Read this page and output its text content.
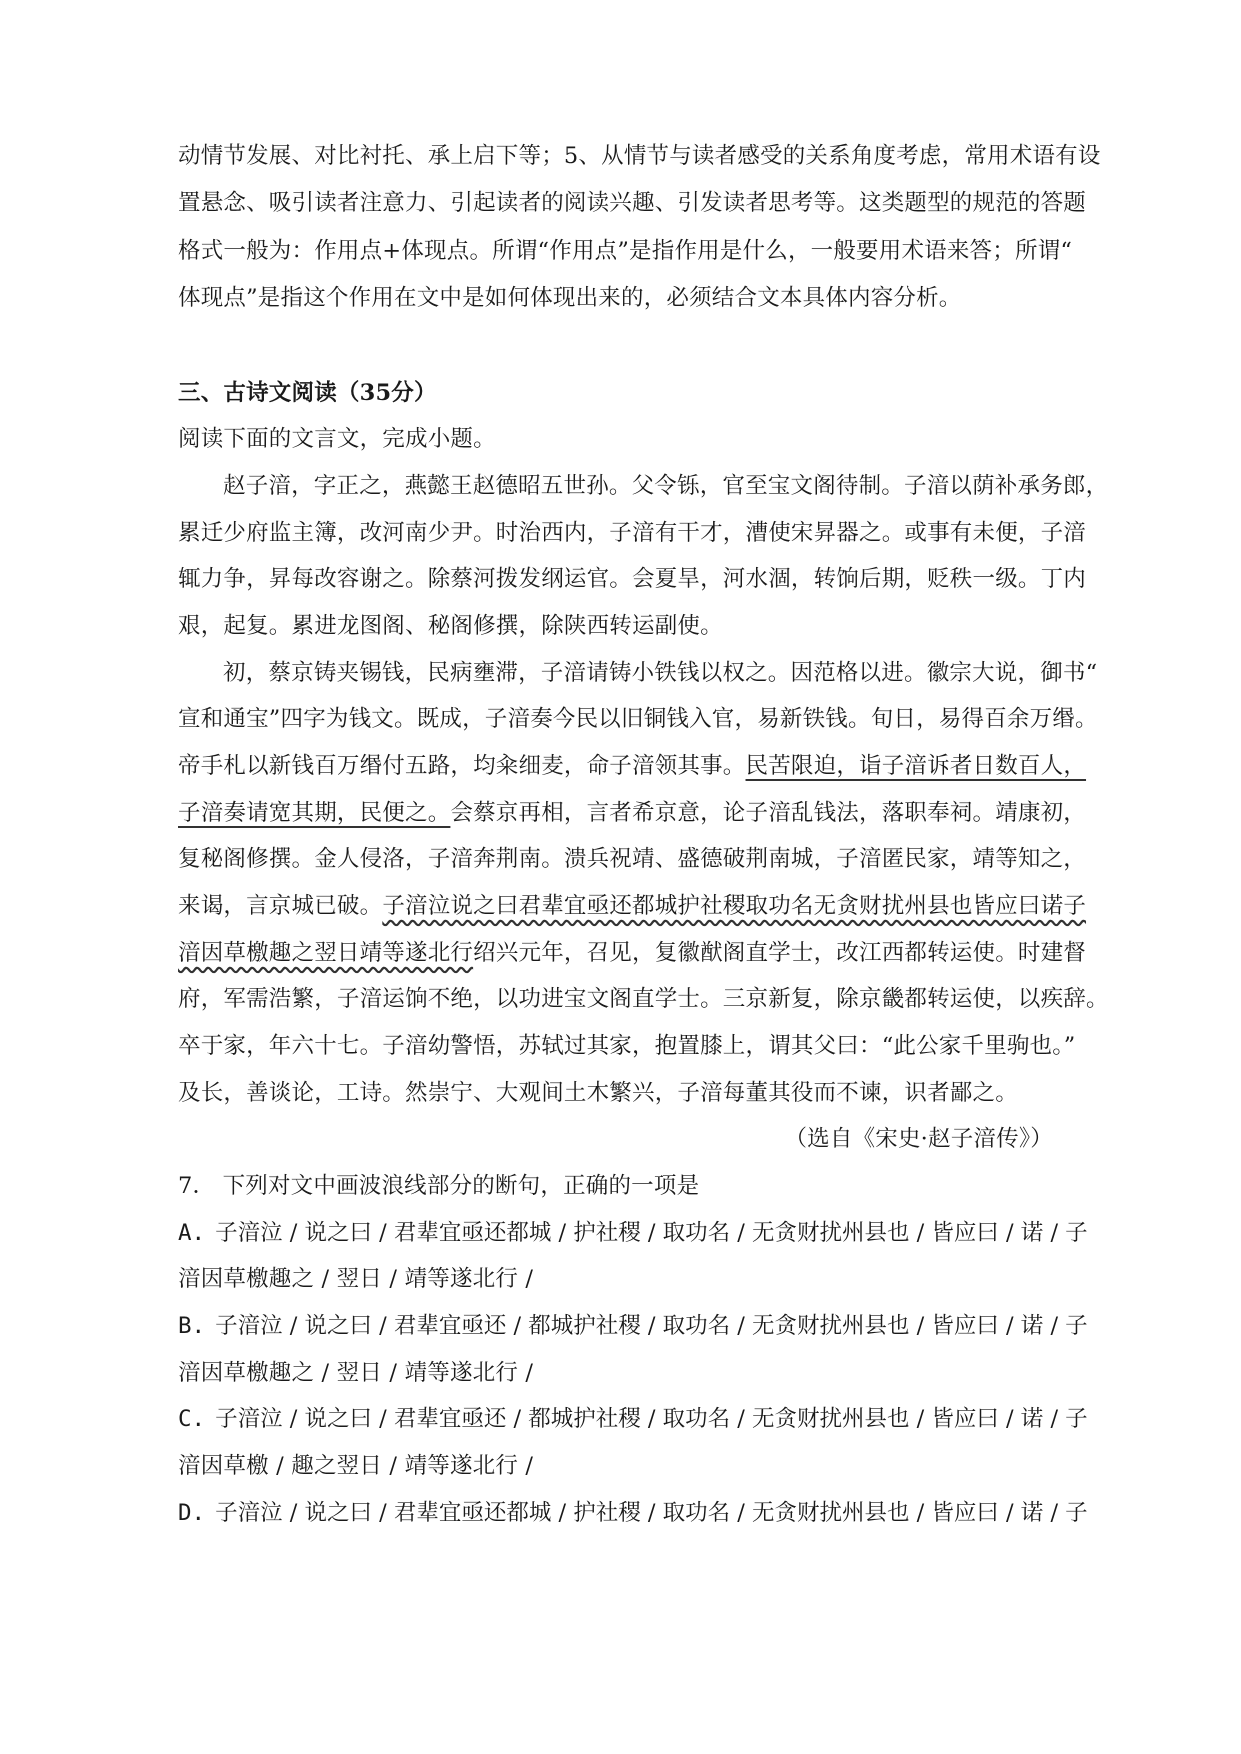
动情节发展、对比衬托、承上启下等；5、从情节与读者感受的关系角度考虑，常用术语有设
置悬念、吸引读者注意力、引起读者的阅读兴趣、引发读者思考等。这类题型的规范的答题
格式一般为：作用点+体现点。所谓“作用点”是指作用是什么，一般要用术语来答；所谓“
体现点”是指这个作用在文中是如何体现出来的，必须结合文本具体内容分析。
三、古诗文阅读（35分）
阅读下面的文言文，完成小题。
赵子湆，字正之，燕懿王赵德昭五世孙。父令铄，官至宝文阁待制。子湆以荫补承务郎，
累迁少府监主簿，改河南少尹。时治西内，子湆有干才，漕使宋昇器之。或事有未便，子湆
辄力争，昇每改容谢之。除蔡河拨发纲运官。会夏旱，河水涸，转饷后期，贬秩一级。丁内
艰，起复。累进龙图阁、秘阁修撰，除陕西转运副使。
初，蔡京铸夹锡钱，民病壅滞，子湆请铸小铁钱以权之。因范格以进。徽宗大说，御书“
宣和通宝”四字为钱文。既成，子湆奏今民以旧铜钱入官，易新铁钱。旬日，易得百余万缗。
帝手札以新钱百万缗付五路，均籴细麦，命子湆领其事。民苦限迫，诣子湆诉者日数百人，
子湆奏请宽其期，民便之。会蔡京再相，言者希京意，论子湆乱钱法，落职奉祠。靖康初，
复秘阁修撰。金人侵洛，子湆奔荆南。溃兵祝靖、盛德破荆南城，子湆匿民家，靖等知之，
来谒，言京城已破。子湆泣说之曰君辈宜亟还都城护社稷取功名无贪财扰州县也皆应曰诺子
湆因草檄趣之翌日靖等遂北行绍兴元年，召见，复徽猷阁直学士，改江西都转运使。时建督
府，军需浩繁，子湆运饷不绝，以功进宝文阁直学士。三京新复，除京畿都转运使，以疾辞。
卒于家，年六十七。子湆幼警悟，苏轼过其家，抱置膝上，谓其父曰：“此公家千里驹也。”
及长，善谈论，工诗。然崇宁、大观间土木繁兴，子湆每董其役而不谏，识者鄙之。
（选自《宋史·赵子湆传》）
7． 下列对文中画波浪线部分的断句，正确的一项是
A. 子湆泣 / 说之曰 / 君辈宜亟还都城 / 护社稷 / 取功名 / 无贪财扰州县也 / 皆应曰 / 诺 / 子
湆因草檄趣之 / 翌日 / 靖等遂北行 /
B. 子湆泣 / 说之曰 / 君辈宜亟还 / 都城护社稷 / 取功名 / 无贪财扰州县也 / 皆应曰 / 诺 / 子
湆因草檄趣之 / 翌日 / 靖等遂北行 /
C. 子湆泣 / 说之曰 / 君辈宜亟还 / 都城护社稷 / 取功名 / 无贪财扰州县也 / 皆应曰 / 诺 / 子
湆因草檄 / 趣之翌日 / 靖等遂北行 /
D. 子湆泣 / 说之曰 / 君辈宜亟还都城 / 护社稷 / 取功名 / 无贪财扰州县也 / 皆应曰 / 诺 / 子
